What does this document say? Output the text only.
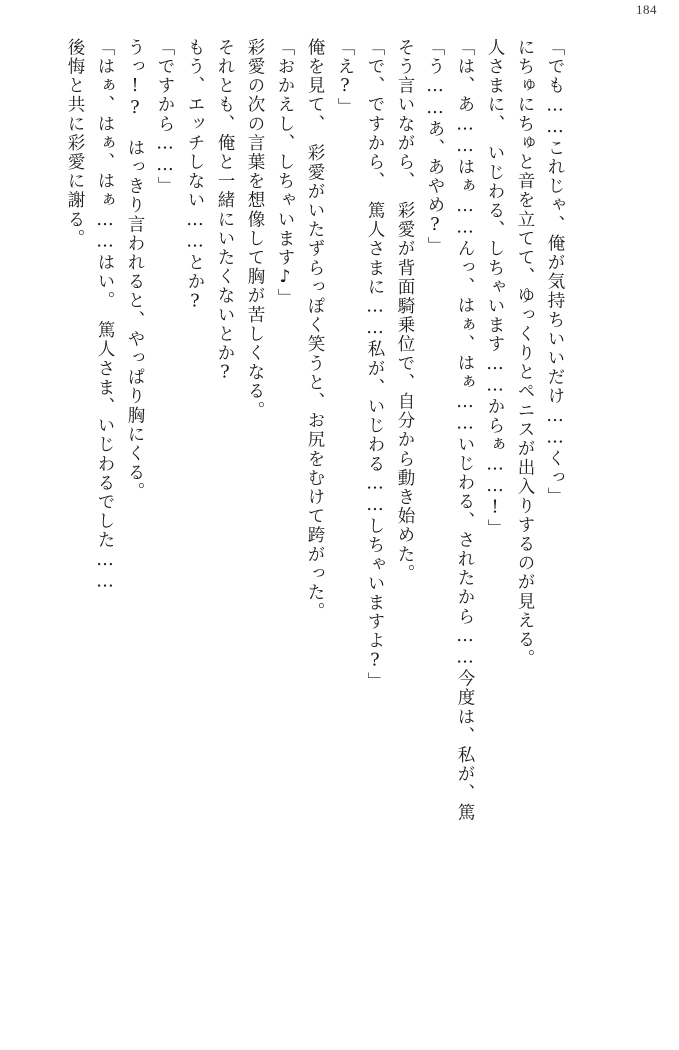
184
後悔と共に彩愛に謝る。 「はぁ、はぁ、はぁ……はい。　篤人さま、いじわるでした…… うっ!?　はっきり言われると、やっぱり胸にくる。 「ですから……」 もう、エッチしない……とか? それとも、俺と一緒にいたくないとか? 彩愛の次の言葉を想像して胸が苦しくなる。 「おかえし、しちゃいます♪」 俺を見て、　彩愛がいたずらっぽく笑うと、お尻をむけて跨がった。 「え?」 「で、ですから、　篤人さまに……私が、いじわる……しちゃいますよ?」 そう言いながら、　彩愛が背面騎乗位で、自分から動き始めた。 「う……あ、あやめ?」 「は、あ……はぁ……んっ、はぁ、はぁ……いじわる、されたから……今度は、私が、篤 人さまに、　いじわる、しちゃいます……からぁ……!」 にちゅにちゅと音を立てて、ゆっくりとペニスが出入りするのが見える。 「でも……これじゃ、俺が気持ちいいだけ……くっ」
